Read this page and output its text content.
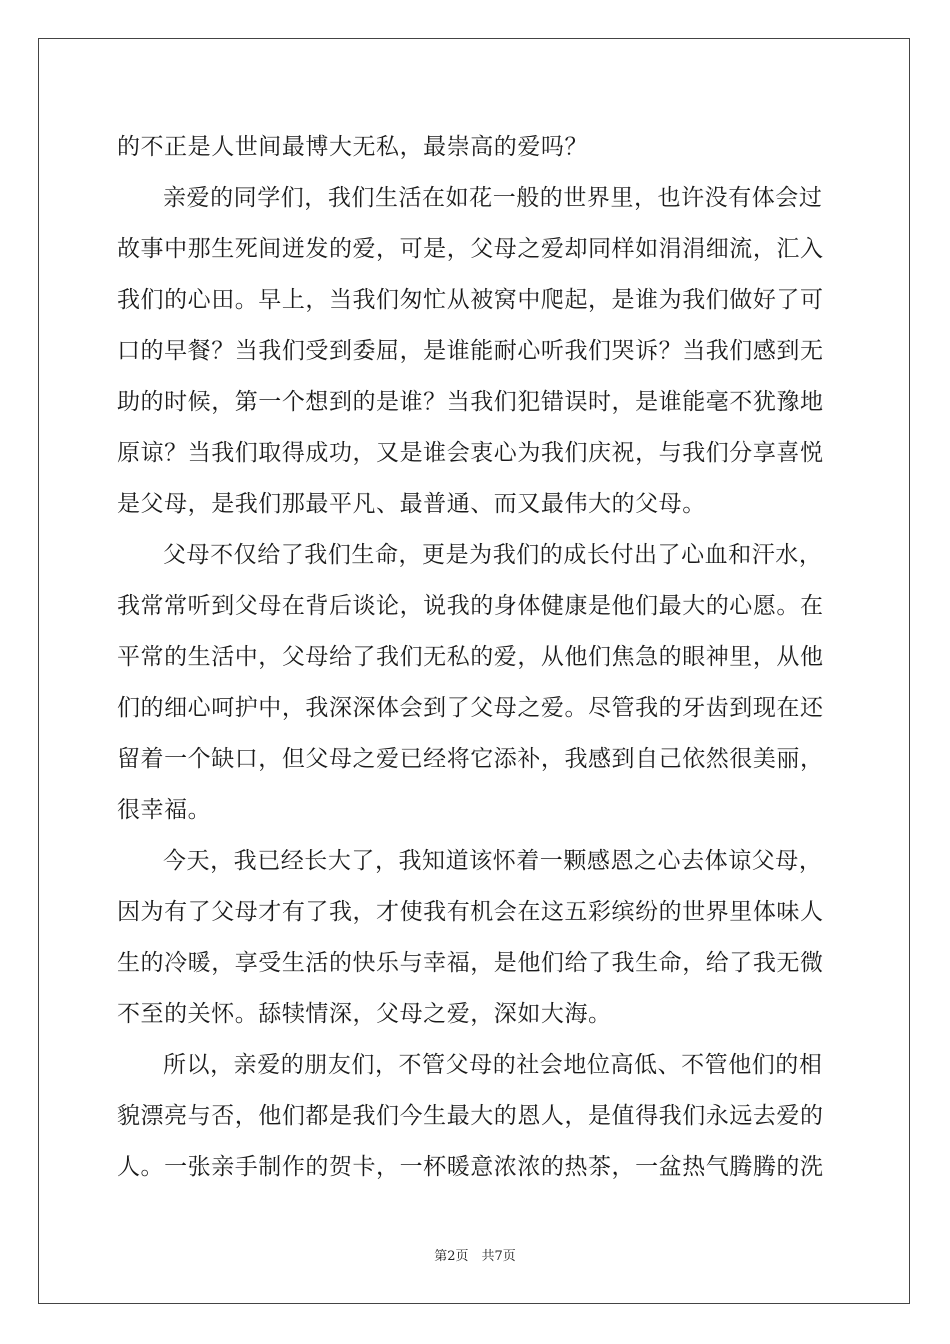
的不正是人世间最博大无私，最崇高的爱吗？
亲爱的同学们，我们生活在如花一般的世界里，也许没有体会过
故事中那生死间迸发的爱，可是，父母之爱却同样如涓涓细流，汇入
我们的心田。早上，当我们匆忙从被窝中爬起，是谁为我们做好了可
口的早餐？当我们受到委屈，是谁能耐心听我们哭诉？当我们感到无
助的时候，第一个想到的是谁？当我们犯错误时，是谁能毫不犹豫地
原谅？当我们取得成功，又是谁会衷心为我们庆祝，与我们分享喜悦
是父母，是我们那最平凡、最普通、而又最伟大的父母。
父母不仅给了我们生命，更是为我们的成长付出了心血和汗水，
我常常听到父母在背后谈论，说我的身体健康是他们最大的心愿。在
平常的生活中，父母给了我们无私的爱，从他们焦急的眼神里，从他
们的细心呵护中，我深深体会到了父母之爱。尽管我的牙齿到现在还
留着一个缺口，但父母之爱已经将它添补，我感到自己依然很美丽，
很幸福。
今天，我已经长大了，我知道该怀着一颗感恩之心去体谅父母，
因为有了父母才有了我，才使我有机会在这五彩缤纷的世界里体味人
生的冷暖，享受生活的快乐与幸福，是他们给了我生命，给了我无微
不至的关怀。舔犊情深，父母之爱，深如大海。
所以，亲爱的朋友们，不管父母的社会地位高低、不管他们的相
貌漂亮与否，他们都是我们今生最大的恩人，是值得我们永远去爱的
人。一张亲手制作的贺卡，一杯暖意浓浓的热茶，一盆热气腾腾的洗
第2页　共7页
